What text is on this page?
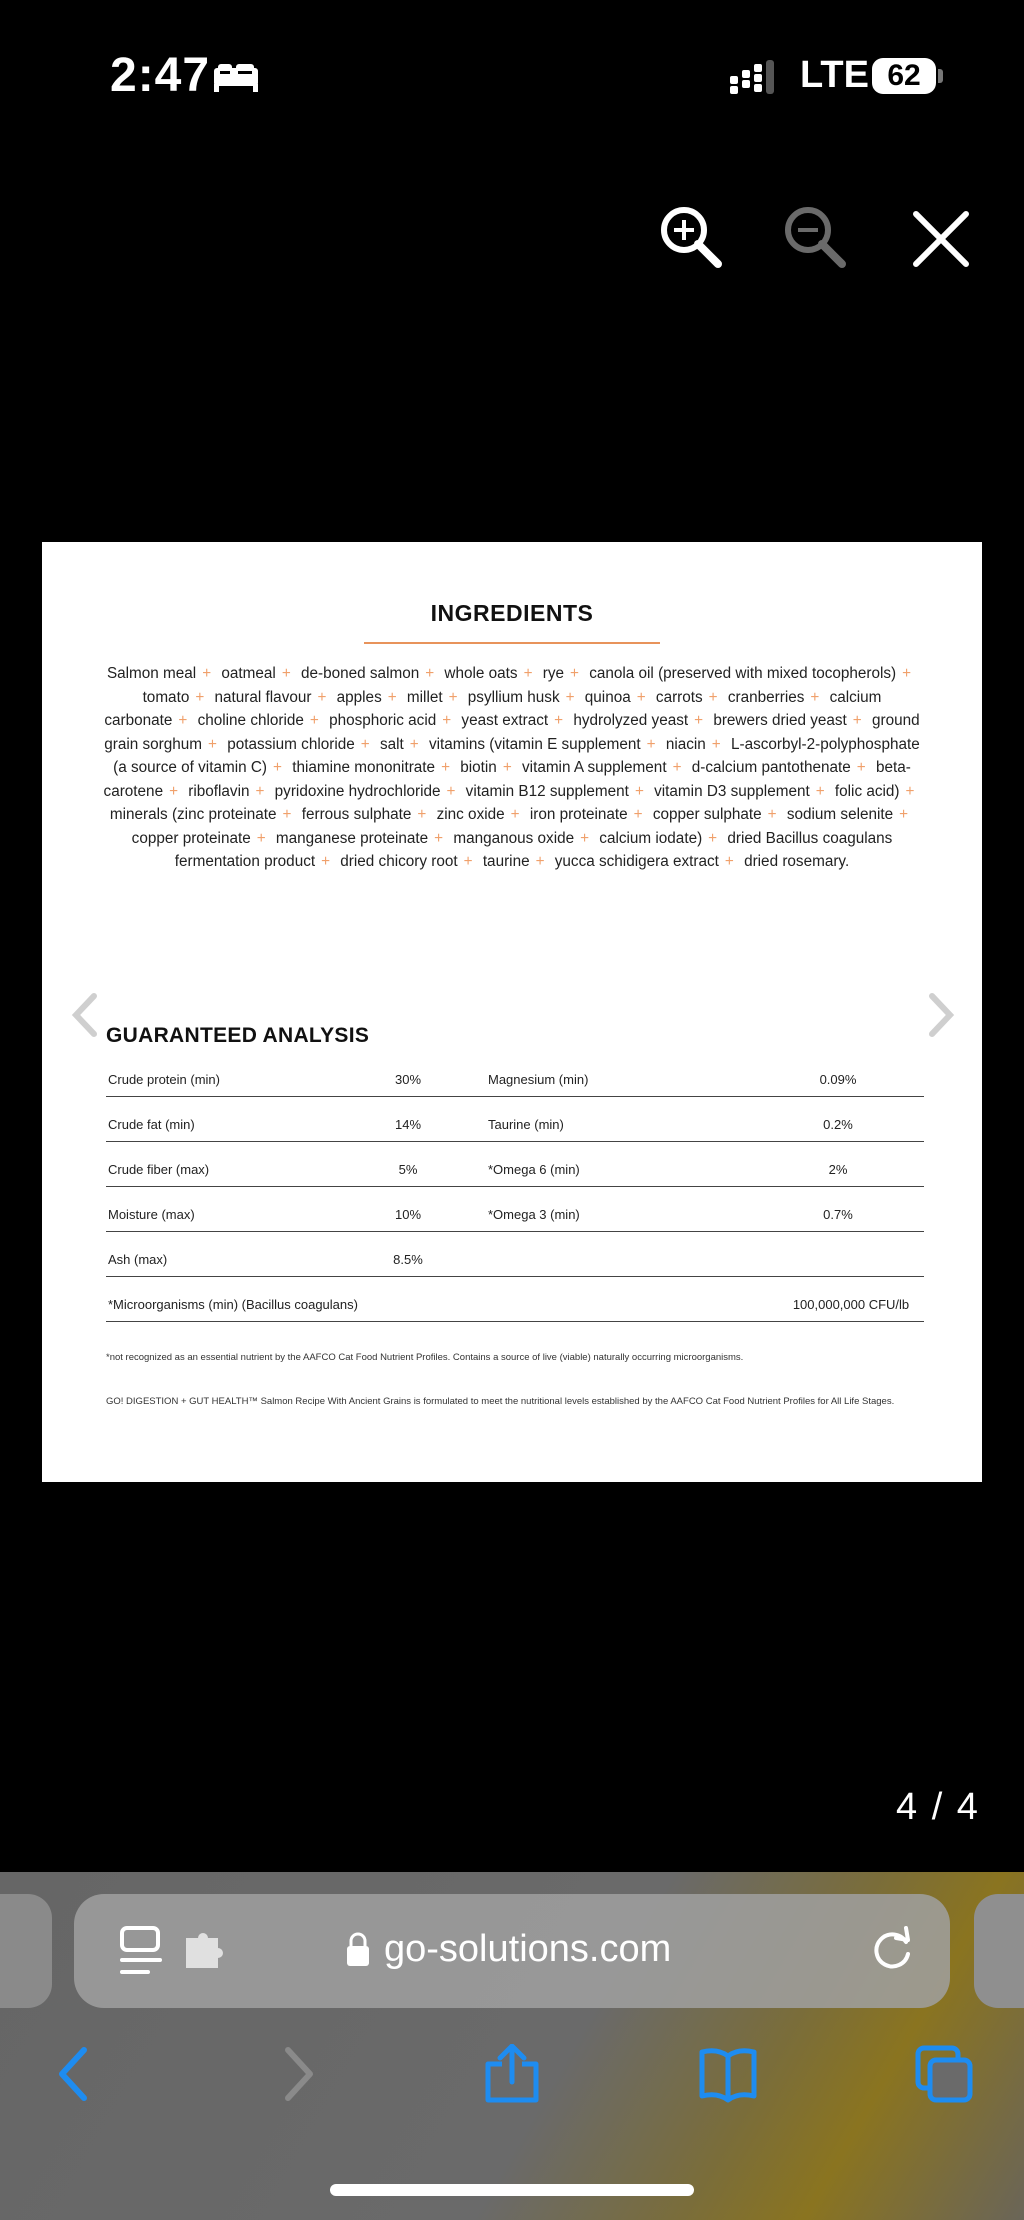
2:47	LTE 62
INGREDIENTS
Salmon meal + oatmeal + de-boned salmon + whole oats + rye + canola oil (preserved with mixed tocopherols) + tomato + natural flavour + apples + millet + psyllium husk + quinoa + carrots + cranberries + calcium carbonate + choline chloride + phosphoric acid + yeast extract + hydrolyzed yeast + brewers dried yeast + ground grain sorghum + potassium chloride + salt + vitamins (vitamin E supplement + niacin + L-ascorbyl-2-polyphosphate (a source of vitamin C) + thiamine mononitrate + biotin + vitamin A supplement + d-calcium pantothenate + beta-carotene + riboflavin + pyridoxine hydrochloride + vitamin B12 supplement + vitamin D3 supplement + folic acid) + minerals (zinc proteinate + ferrous sulphate + zinc oxide + iron proteinate + copper sulphate + sodium selenite + copper proteinate + manganese proteinate + manganous oxide + calcium iodate) + dried Bacillus coagulans fermentation product + dried chicory root + taurine + yucca schidigera extract + dried rosemary.
GUARANTEED ANALYSIS
Crude protein (min)	30%	Magnesium (min)	0.09%
Crude fat (min)	14%	Taurine (min)	0.2%
Crude fiber (max)	5%	*Omega 6 (min)	2%
Moisture (max)	10%	*Omega 3 (min)	0.7%
Ash (max)	8.5%
*Microorganisms (min) (Bacillus coagulans)	100,000,000 CFU/lb
*not recognized as an essential nutrient by the AAFCO Cat Food Nutrient Profiles. Contains a source of live (viable) naturally occurring microorganisms.
GO! DIGESTION + GUT HEALTH™ Salmon Recipe With Ancient Grains is formulated to meet the nutritional levels established by the AAFCO Cat Food Nutrient Profiles for All Life Stages.
4 / 4
go-solutions.com
